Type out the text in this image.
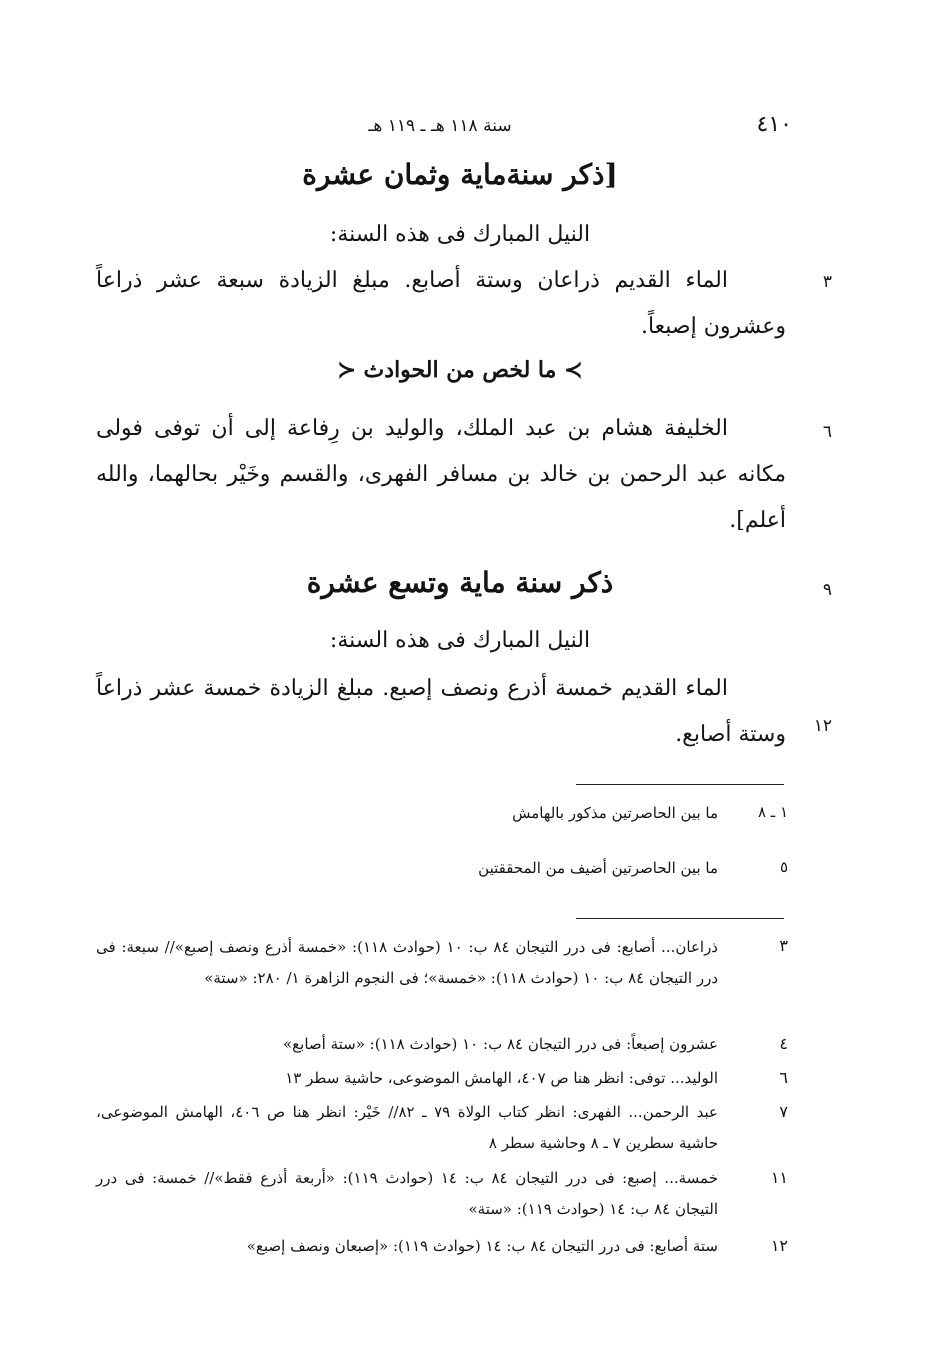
٤١٠
سنة ١١٨ هـ ـ ١١٩ هـ
[ذكر سنةماية وثمان عشرة
النيل المبارك فى هذه السنة:
الماء القديم ذراعان وستة أصابع. مبلغ الزيادة سبعة عشر ذراعاً وعشرون إصبعاً.
٣
≻ ما لخص من الحوادث ≺
الخليفة هشام بن عبد الملك، والوليد بن رِفاعة إلى أن توفى فولى مكانه عبد الرحمن بن خالد بن مسافر الفهرى، والقسم وخَيْر بحالهما، والله أعلم].
٦
ذكر سنة ماية وتسع عشرة	٩
النيل المبارك فى هذه السنة:
الماء القديم خمسة أذرع ونصف إصبع. مبلغ الزيادة خمسة عشر ذراعاً وستة أصابع.	١٢
١ ـ ٨
ما بين الحاصرتين مذكور بالهامش
٥
ما بين الحاصرتين أضيف من المحققتين
٣
ذراعان... أصابع: فى درر التيجان ٨٤ ب: ١٠ (حوادث ١١٨): «خمسة أذرع ونصف إصبع»// سبعة: فى درر التيجان ٨٤ ب: ١٠ (حوادث ١١٨): «خمسة»؛ فى النجوم الزاهرة ١/ ٢٨٠: «ستة»
٤
عشرون إصبعاً: فى درر التيجان ٨٤ ب: ١٠ (حوادث ١١٨): «ستة أصابع»
٦
الوليد... توفى: انظر هنا ص ٤٠٧، الهامش الموضوعى، حاشية سطر ١٣
٧
عبد الرحمن... الفهرى: انظر كتاب الولاة ٧٩ ـ ٨٢// خَيْر: انظر هنا ص ٤٠٦، الهامش الموضوعى، حاشية سطرين ٧ ـ ٨ وحاشية سطر ٨
١١
خمسة... إصبع: فى درر التيجان ٨٤ ب: ١٤ (حوادث ١١٩): «أربعة أذرع فقط»// خمسة: فى درر التيجان ٨٤ ب: ١٤ (حوادث ١١٩): «ستة»
١٢
ستة أصابع: فى درر التيجان ٨٤ ب: ١٤ (حوادث ١١٩): «إصبعان ونصف إصبع»
